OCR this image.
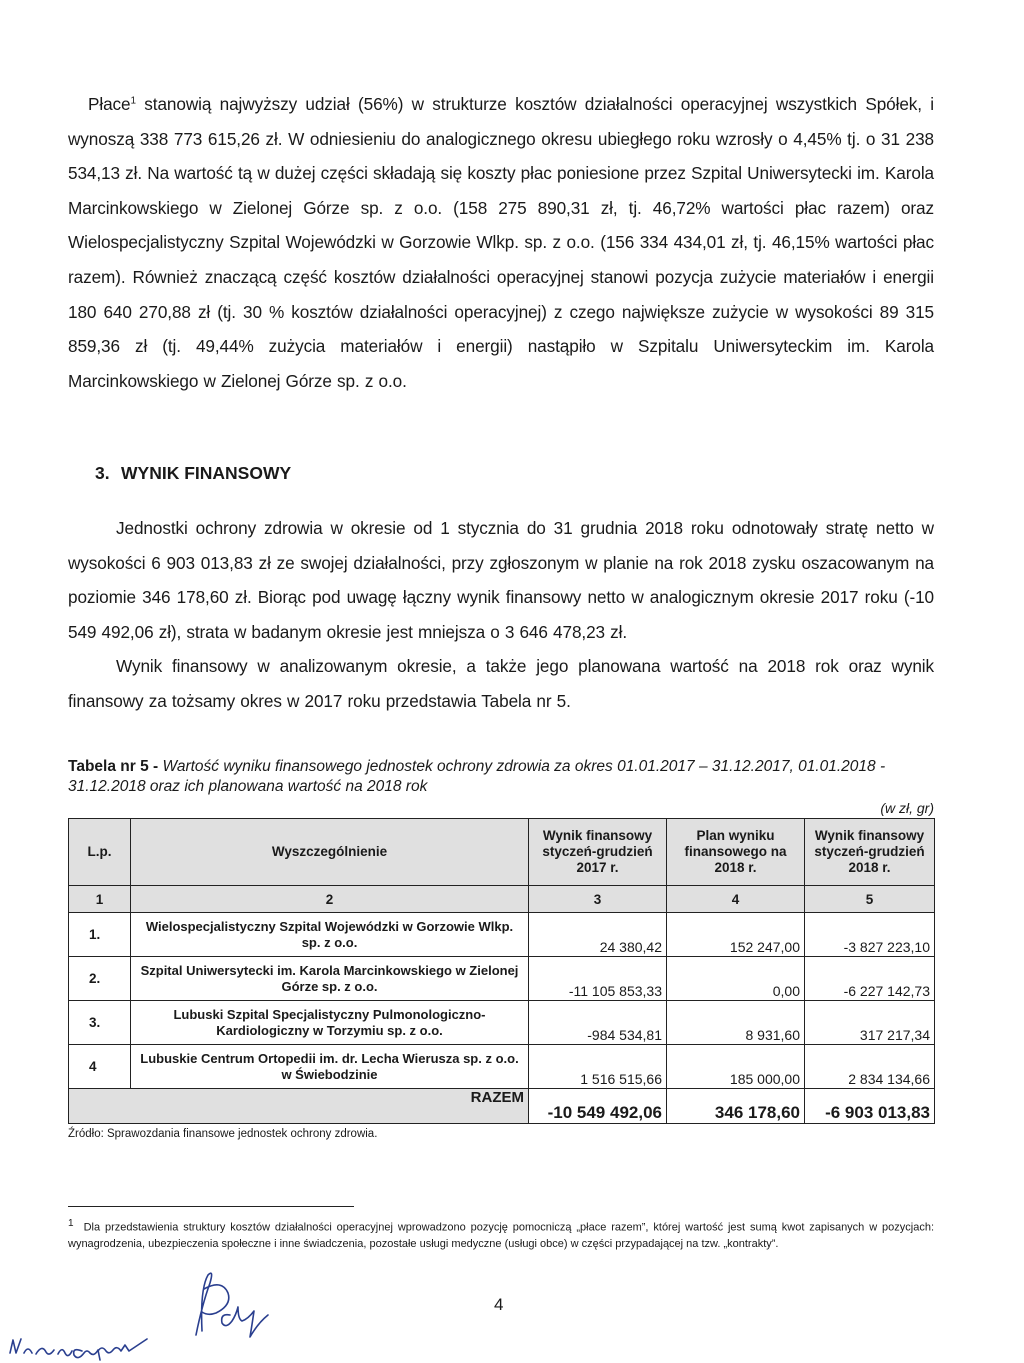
Płace$^1$ stanowią najwyższy udział (56%) w strukturze kosztów działalności operacyjnej wszystkich Spółek, i wynoszą 338 773 615,26 zł. W odniesieniu do analogicznego okresu ubiegłego roku wzrosły o 4,45% tj. o 31 238 534,13 zł. Na wartość tą w dużej części składają się koszty płac poniesione przez Szpital Uniwersytecki im. Karola Marcinkowskiego w Zielonej Górze sp. z o.o. (158 275 890,31 zł, tj. 46,72% wartości płac razem) oraz Wielospecjalistyczny Szpital Wojewódzki w Gorzowie Wlkp. sp. z o.o. (156 334 434,01 zł, tj. 46,15% wartości płac razem). Również znaczącą część kosztów działalności operacyjnej stanowi pozycja zużycie materiałów i energii 180 640 270,88 zł (tj. 30 % kosztów działalności operacyjnej) z czego największe zużycie w wysokości 89 315 859,36 zł (tj. 49,44% zużycia materiałów i energii) nastąpiło w Szpitalu Uniwersyteckim im. Karola Marcinkowskiego w Zielonej Górze sp. z o.o.

3. WYNIK FINANSOWY

Jednostki ochrony zdrowia w okresie od 1 stycznia do 31 grudnia 2018 roku odnotowały stratę netto w wysokości 6 903 013,83 zł ze swojej działalności, przy zgłoszonym w planie na rok 2018 zysku oszacowanym na poziomie 346 178,60 zł. Biorąc pod uwagę łączny wynik finansowy netto w analogicznym okresie 2017 roku (-10 549 492,06 zł), strata w badanym okresie jest mniejsza o 3 646 478,23 zł.

Wynik finansowy w analizowanym okresie, a także jego planowana wartość na 2018 rok oraz wynik finansowy za tożsamy okres w 2017 roku przedstawia Tabela nr 5.

Tabela nr 5 - Wartość wyniku finansowego jednostek ochrony zdrowia za okres 01.01.2017 – 31.12.2017, 01.01.2018 - 31.12.2018 oraz ich planowana wartość na 2018 rok
(w zł, gr)
L.p.	Wyszczególnienie	Wynik finansowy styczeń-grudzień 2017 r.	Plan wyniku finansowego na 2018 r.	Wynik finansowy styczeń-grudzień 2018 r.
1	2	3	4	5
1.	Wielospecjalistyczny Szpital Wojewódzki w Gorzowie Wlkp. sp. z o.o.	24 380,42	152 247,00	-3 827 223,10
2.	Szpital Uniwersytecki im. Karola Marcinkowskiego w Zielonej Górze sp. z o.o.	-11 105 853,33	0,00	-6 227 142,73
3.	Lubuski Szpital Specjalistyczny Pulmonologiczno-Kardiologiczny w Torzymiu sp. z o.o.	-984 534,81	8 931,60	317 217,34
4	Lubuskie Centrum Ortopedii im. dr. Lecha Wierusza sp. z o.o. w Świebodzinie	1 516 515,66	185 000,00	2 834 134,66
RAZEM		-10 549 492,06	346 178,60	-6 903 013,83
Źródło: Sprawozdania finansowe jednostek ochrony zdrowia.
$^1$ Dla przedstawienia struktury kosztów działalności operacyjnej wprowadzono pozycję pomocniczą „płace razem”, której wartość jest sumą kwot zapisanych w pozycjach: wynagrodzenia, ubezpieczenia społeczne i inne świadczenia, pozostałe usługi medyczne (usługi obce) w części przypadającej na tzw. „kontrakty”.
4
